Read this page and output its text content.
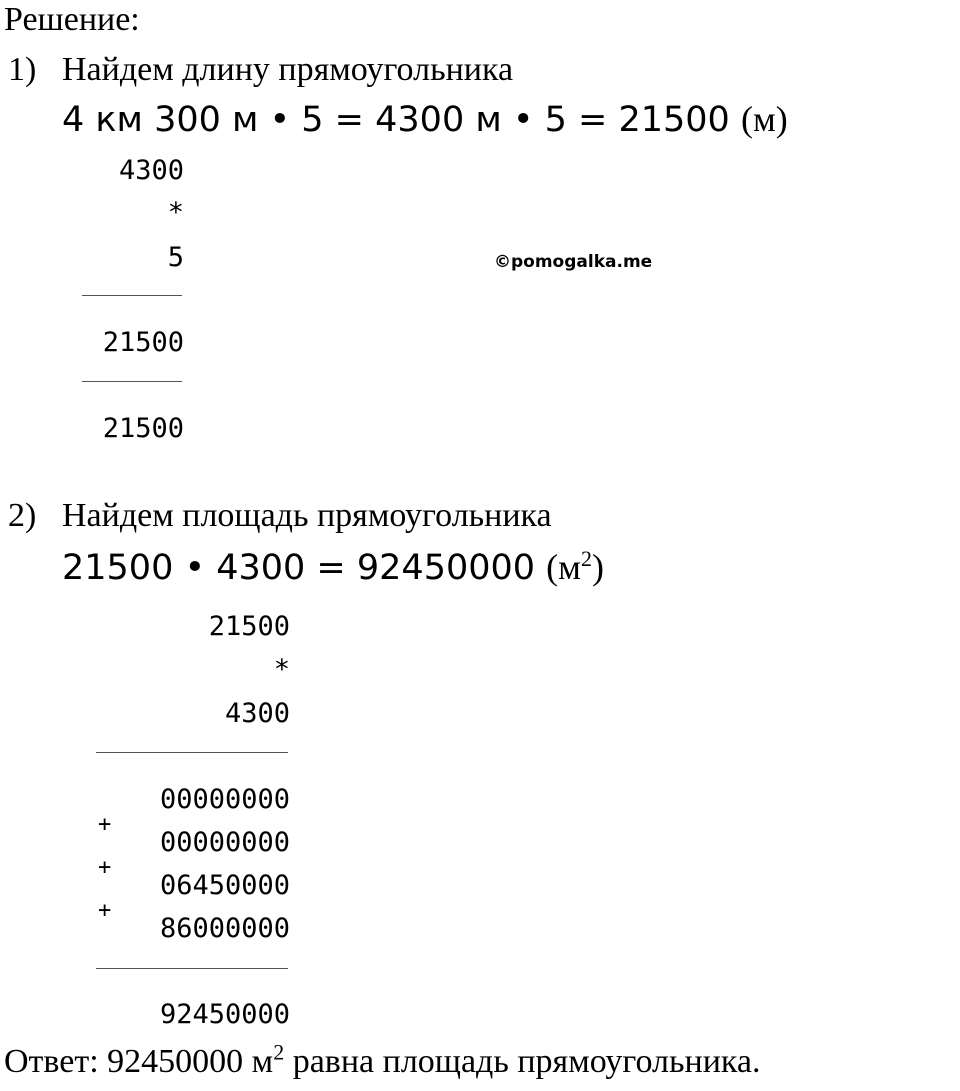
Решение:
1) Найдем длину прямоугольника
4 км 300 м • 5 = 4300 м • 5 = 21500 (м)
4300
*
5
21500
21500
©pomogalka.me
2) Найдем площадь прямоугольника
21500 • 4300 = 92450000 $(м^2)$
21500
*
4300
00000000
+
00000000
+
06450000
+
86000000
92450000
Ответ: 92450000 $м^2$ равна площадь прямоугольника.
